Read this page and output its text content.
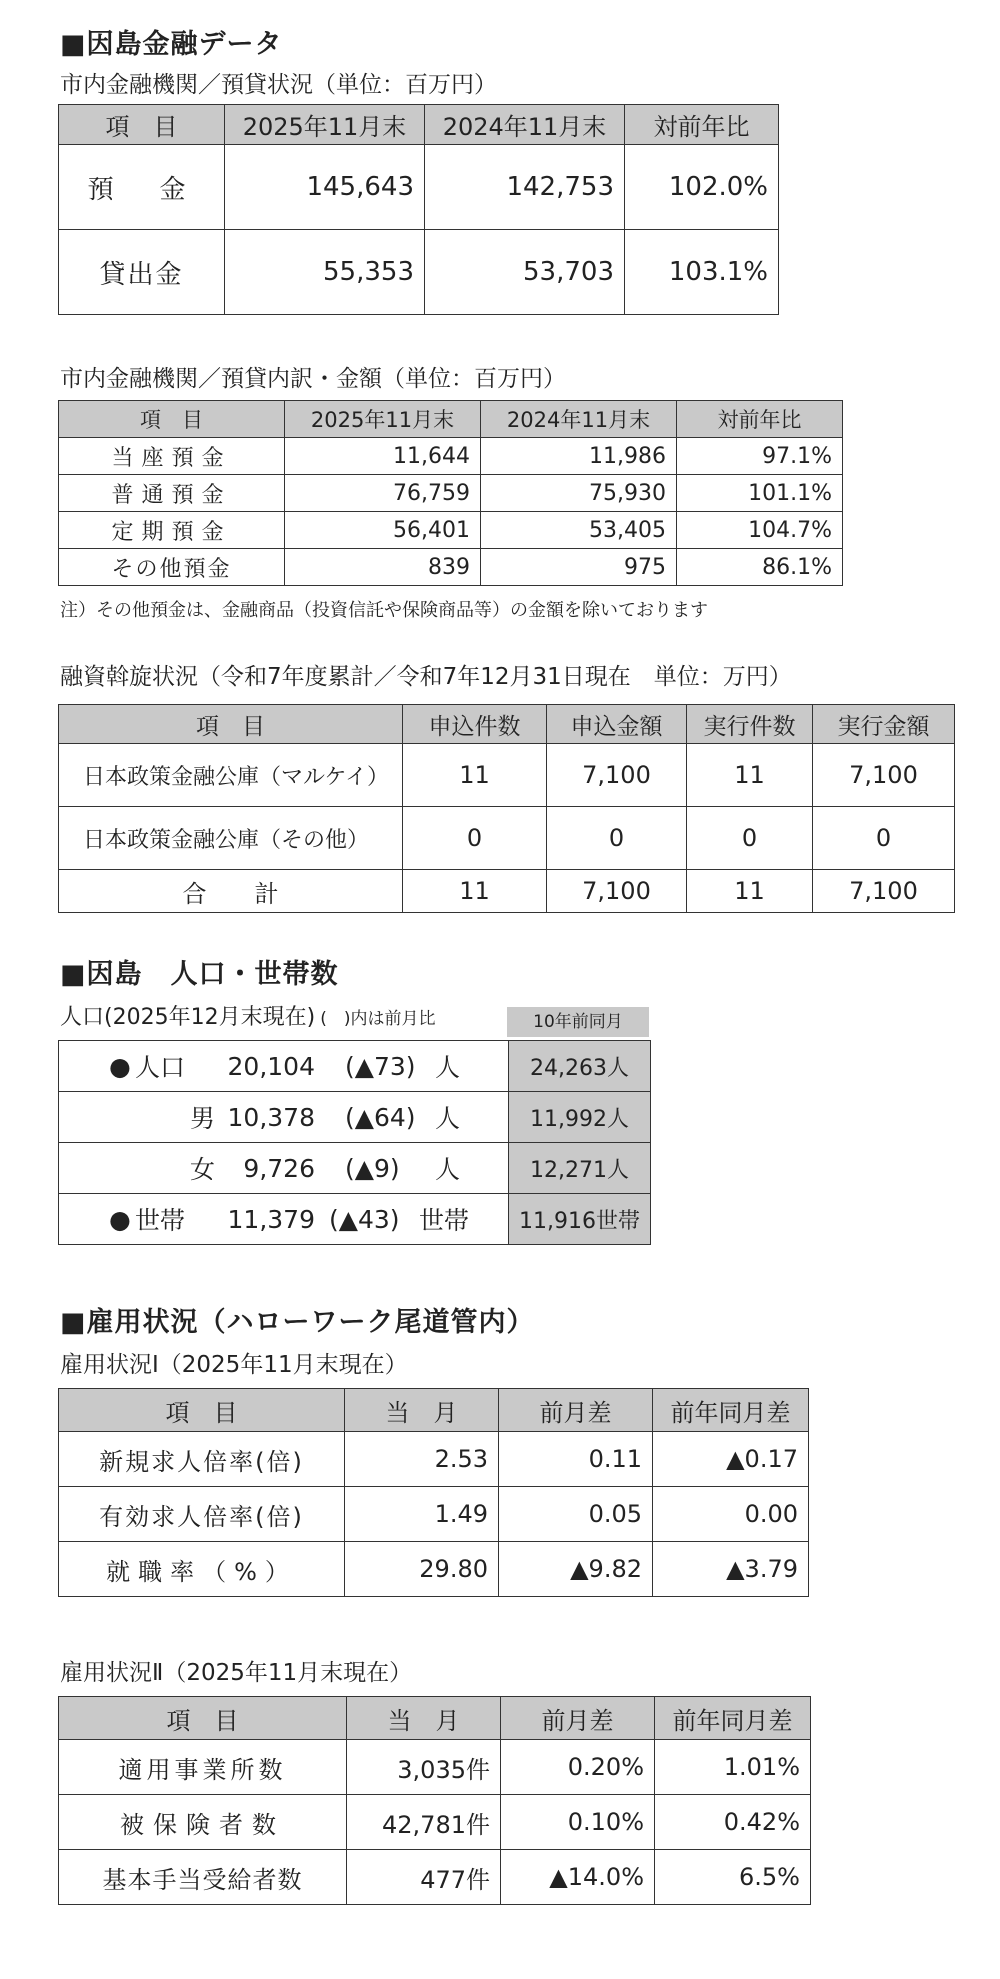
■因島金融データ
市内金融機関／預貸状況（単位：百万円）
項　目	2025年11月末	2024年11月末	対前年比
預　金	145,643	142,753	102.0%
貸出金	55,353	53,703	103.1%
市内金融機関／預貸内訳・金額（単位：百万円）
項　目	2025年11月末	2024年11月末	対前年比
当座預金	11,644	11,986	97.1%
普通預金	76,759	75,930	101.1%
定期預金	56,401	53,405	104.7%
その他預金	839	975	86.1%
注）その他預金は、金融商品（投資信託や保険商品等）の金額を除いております
融資斡旋状況（令和7年度累計／令和7年12月31日現在　単位：万円）
項　目	申込件数	申込金額	実行件数	実行金額
日本政策金融公庫（マルケイ）	11	7,100	11	7,100
日本政策金融公庫（その他）	0	0	0	0
合　　計	11	7,100	11	7,100
■因島　人口・世帯数
人口(2025年12月末現在) (　)内は前月比	10年前同月
● 人口 20,104 (▲73) 人	24,263人

男 10,378 (▲64) 人	11,992人

女 9,726 (▲9) 人	12,271人

● 世帯 11,379 (▲43) 世帯	11,916世帯
■雇用状況（ハローワーク尾道管内）
雇用状況Ⅰ（2025年11月末現在）
項　目	当　月	前月差	前年同月差
新規求人倍率(倍)	2.53	0.11	▲0.17
有効求人倍率(倍)	1.49	0.05	0.00
就職率（%）	29.80	▲9.82	▲3.79
雇用状況Ⅱ（2025年11月末現在）
項　目	当　月	前月差	前年同月差
適用事業所数	3,035件	0.20%	1.01%
被保険者数	42,781件	0.10%	0.42%
基本手当受給者数	477件	▲14.0%	6.5%
